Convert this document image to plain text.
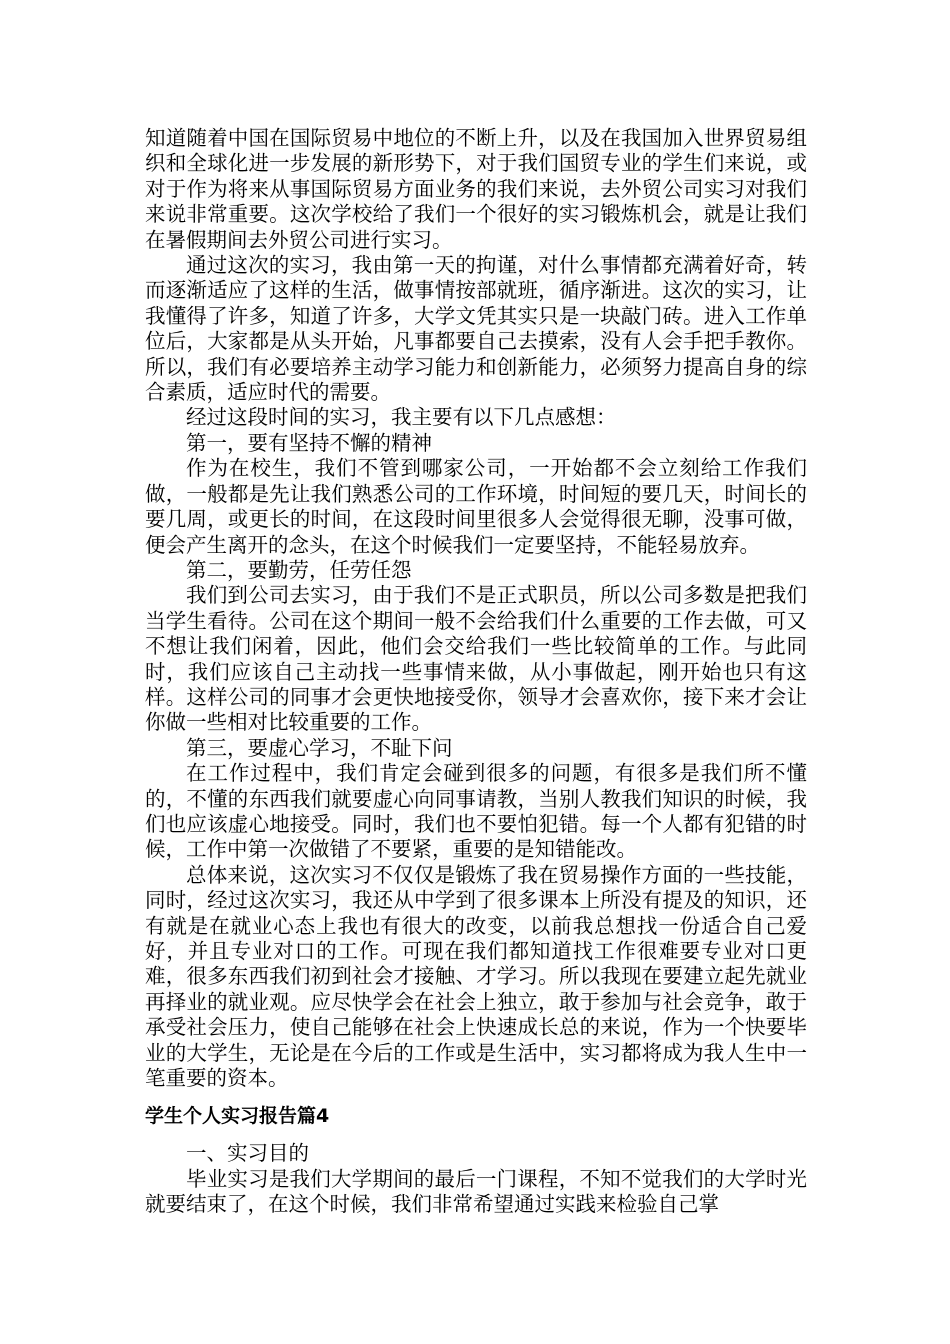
知道随着中国在国际贸易中地位的不断上升，以及在我国加入世界贸易组织和全球化进一步发展的新形势下，对于我们国贸专业的学生们来说，或对于作为将来从事国际贸易方面业务的我们来说，去外贸公司实习对我们来说非常重要。这次学校给了我们一个很好的实习锻炼机会，就是让我们在暑假期间去外贸公司进行实习。

通过这次的实习，我由第一天的拘谨，对什么事情都充满着好奇，转而逐渐适应了这样的生活，做事情按部就班，循序渐进。这次的实习，让我懂得了许多，知道了许多，大学文凭其实只是一块敲门砖。进入工作单位后，大家都是从头开始，凡事都要自己去摸索，没有人会手把手教你。所以，我们有必要培养主动学习能力和创新能力，必须努力提高自身的综合素质，适应时代的需要。

经过这段时间的实习，我主要有以下几点感想：

第一，要有坚持不懈的精神

作为在校生，我们不管到哪家公司，一开始都不会立刻给工作我们做，一般都是先让我们熟悉公司的工作环境，时间短的要几天，时间长的要几周，或更长的时间，在这段时间里很多人会觉得很无聊，没事可做，便会产生离开的念头，在这个时候我们一定要坚持，不能轻易放弃。

第二，要勤劳，任劳任怨

我们到公司去实习，由于我们不是正式职员，所以公司多数是把我们当学生看待。公司在这个期间一般不会给我们什么重要的工作去做，可又不想让我们闲着，因此，他们会交给我们一些比较简单的工作。与此同时，我们应该自己主动找一些事情来做，从小事做起，刚开始也只有这样。这样公司的同事才会更快地接受你，领导才会喜欢你，接下来才会让你做一些相对比较重要的工作。

第三，要虚心学习，不耻下问

在工作过程中，我们肯定会碰到很多的问题，有很多是我们所不懂的，不懂的东西我们就要虚心向同事请教，当别人教我们知识的时候，我们也应该虚心地接受。同时，我们也不要怕犯错。每一个人都有犯错的时候，工作中第一次做错了不要紧，重要的是知错能改。

总体来说，这次实习不仅仅是锻炼了我在贸易操作方面的一些技能，同时，经过这次实习，我还从中学到了很多课本上所没有提及的知识，还有就是在就业心态上我也有很大的改变，以前我总想找一份适合自己爱好，并且专业对口的工作。可现在我们都知道找工作很难要专业对口更难，很多东西我们初到社会才接触、才学习。所以我现在要建立起先就业再择业的就业观。应尽快学会在社会上独立，敢于参加与社会竞争，敢于承受社会压力，使自己能够在社会上快速成长总的来说，作为一个快要毕业的大学生，无论是在今后的工作或是生活中，实习都将成为我人生中一笔重要的资本。

学生个人实习报告篇4

一、实习目的

毕业实习是我们大学期间的最后一门课程，不知不觉我们的大学时光就要结束了，在这个时候，我们非常希望通过实践来检验自己掌
